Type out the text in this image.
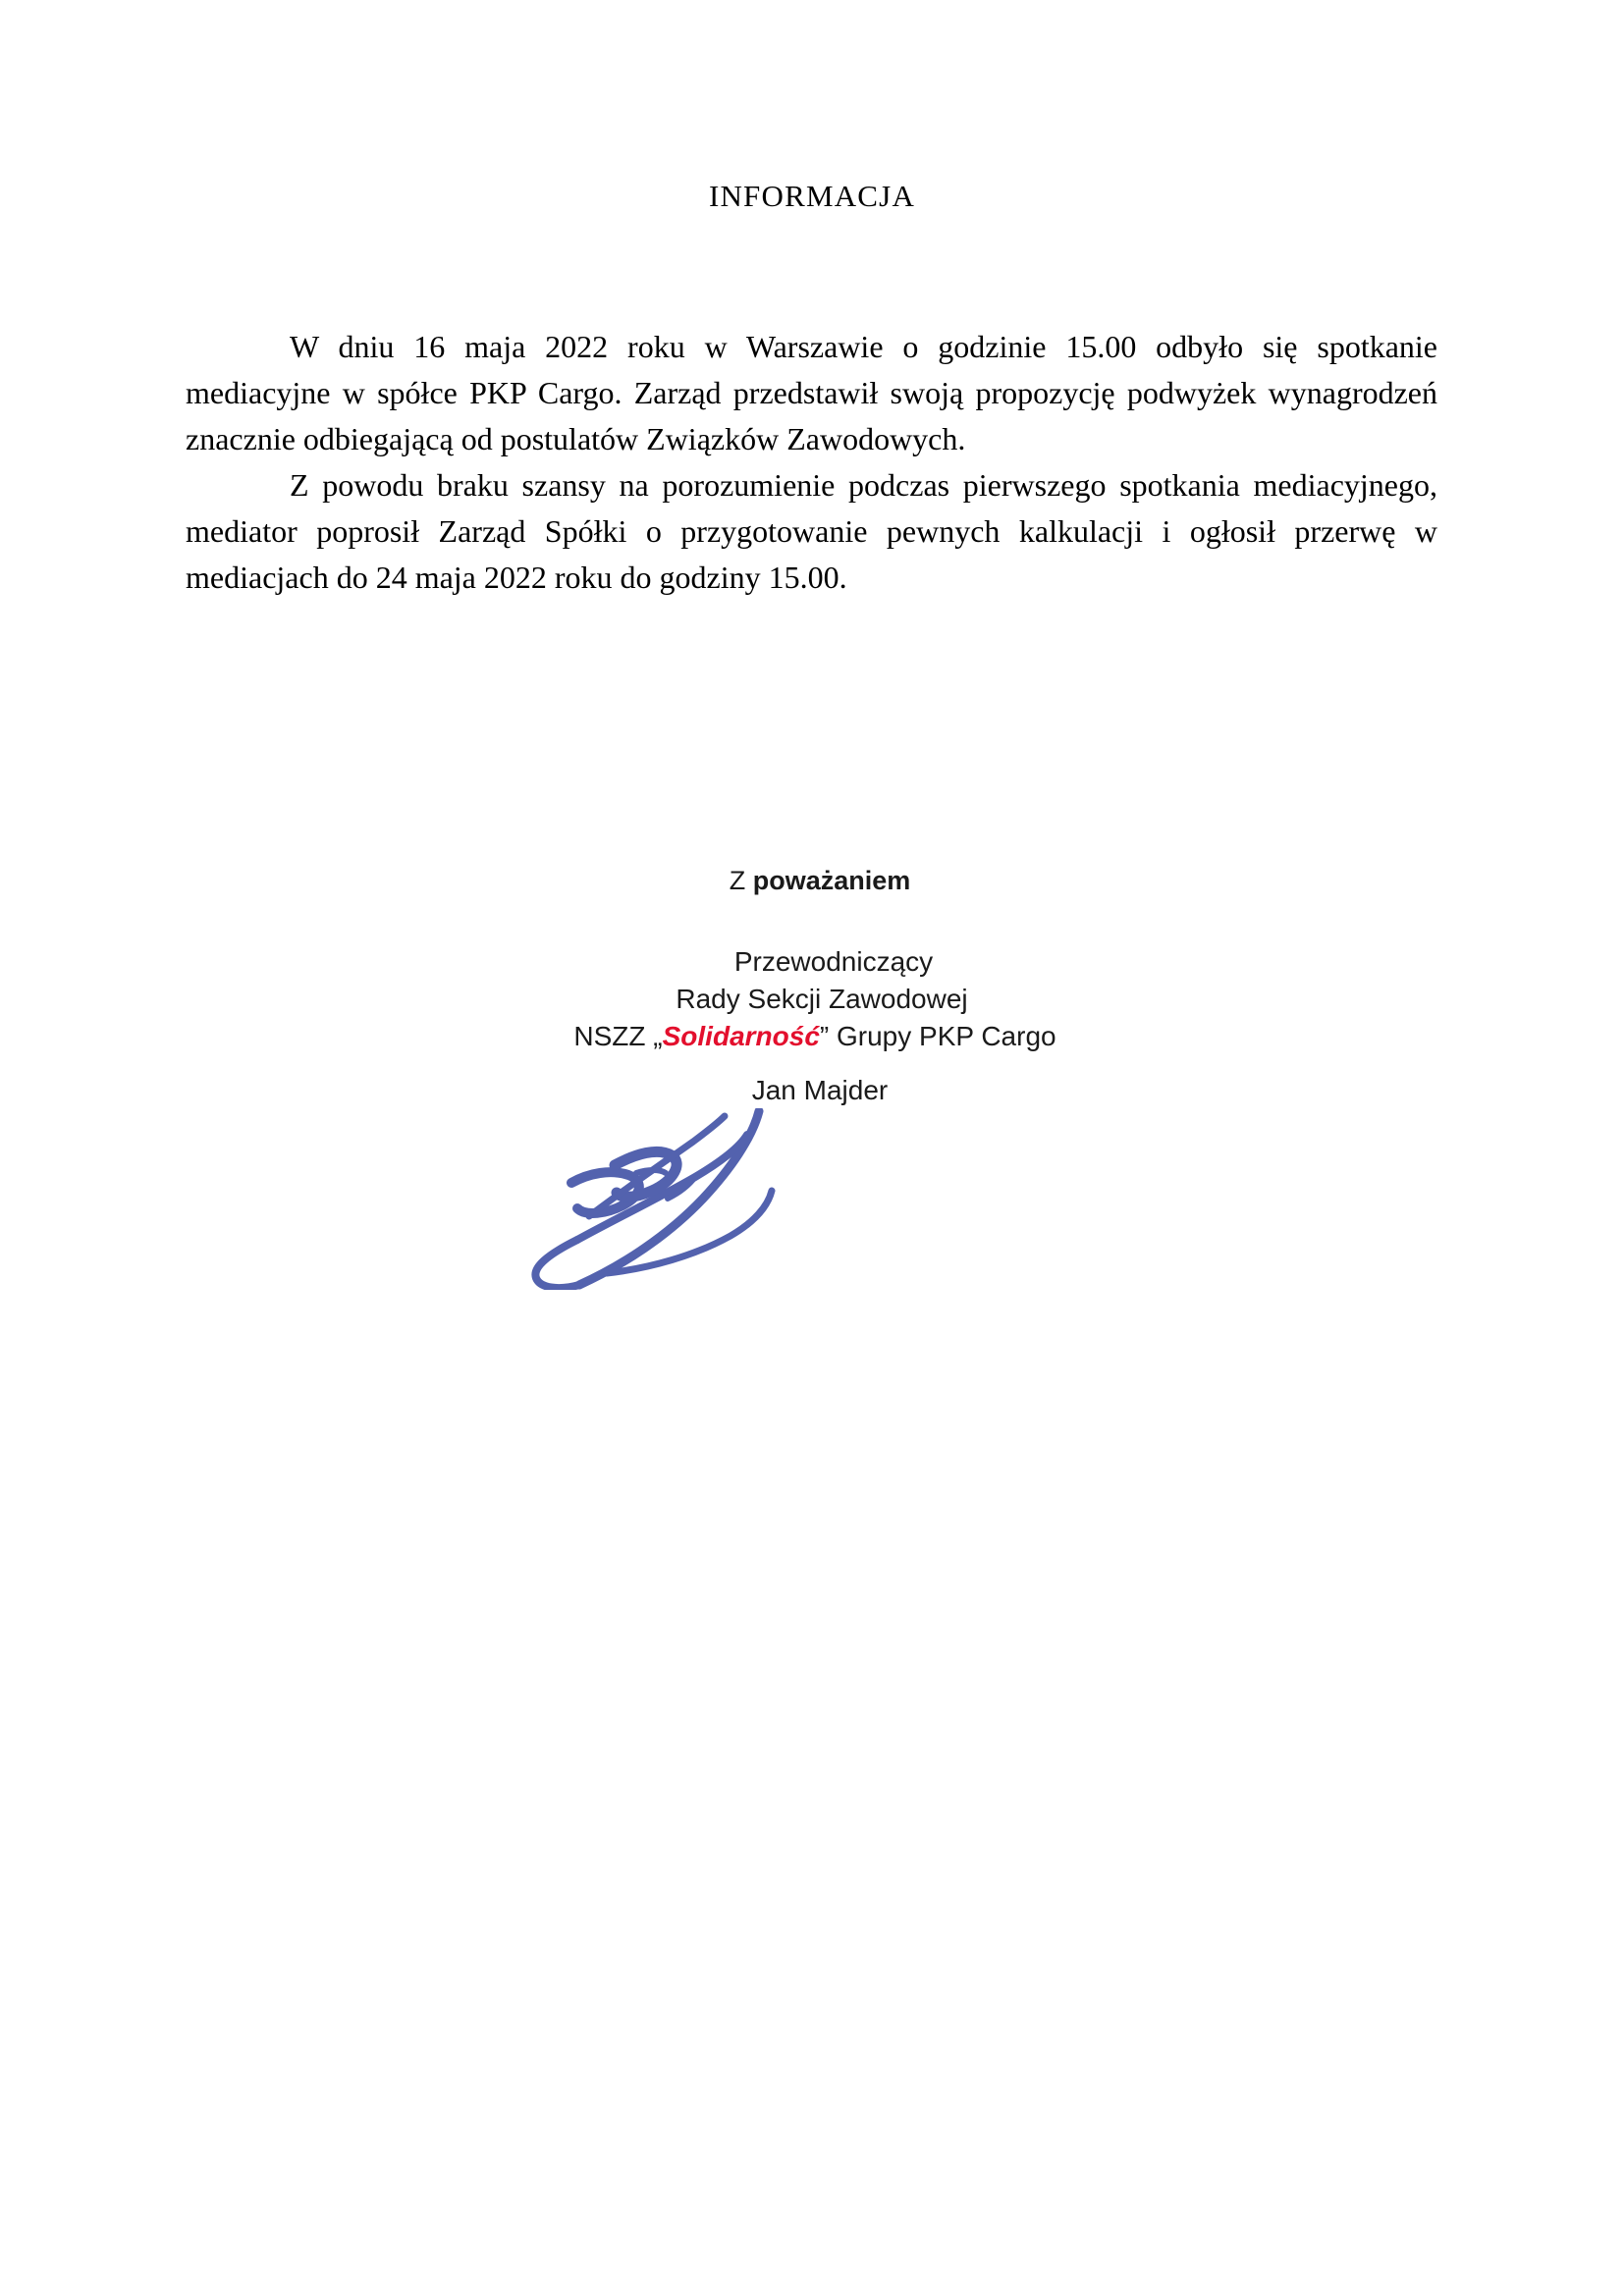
INFORMACJA

W dniu 16 maja 2022 roku w Warszawie o godzinie 15.00 odbyło się spotkanie mediacyjne w spółce PKP Cargo. Zarząd przedstawił swoją propozycję podwyżek wynagrodzeń znacznie odbiegającą od postulatów Związków Zawodowych.

Z powodu braku szansy na porozumienie podczas pierwszego spotkania mediacyjnego, mediator poprosił Zarząd Spółki o przygotowanie pewnych kalkulacji i ogłosił przerwę w mediacjach do 24 maja 2022 roku do godziny 15.00.

Z poważaniem
Przewodniczący
Rady Sekcji Zawodowej
NSZZ „Solidarność” Grupy PKP Cargo
Jan Majder
